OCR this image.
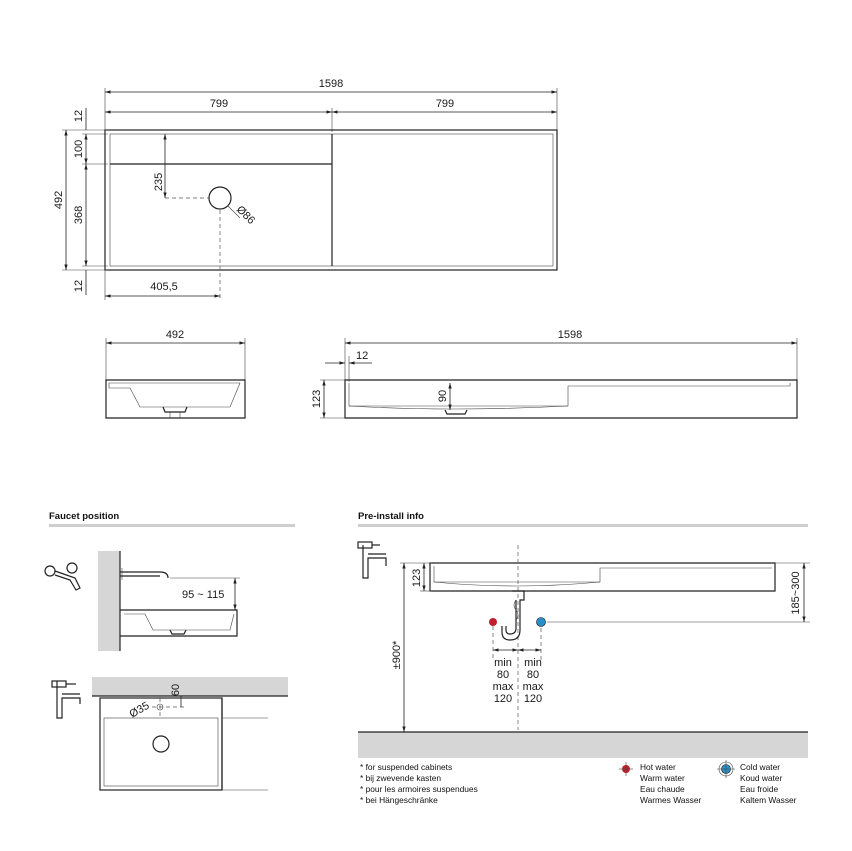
1598
799	799
235
Ø86
12
100
368
492
12	405,5
492	1598
12
90
123
Faucet position
95 ~ 115
60
Ø35
Pre-install info
min
80
max
120
min
80
max
120
123
±900*
185~300
* for suspended cabinets
* bij zwevende kasten
* pour les armoires suspendues
* bei Hängeschränke
Hot water
Warm water
Eau chaude
Warmes Wasser
Cold water
Koud water
Eau froide
Kaltem Wasser
